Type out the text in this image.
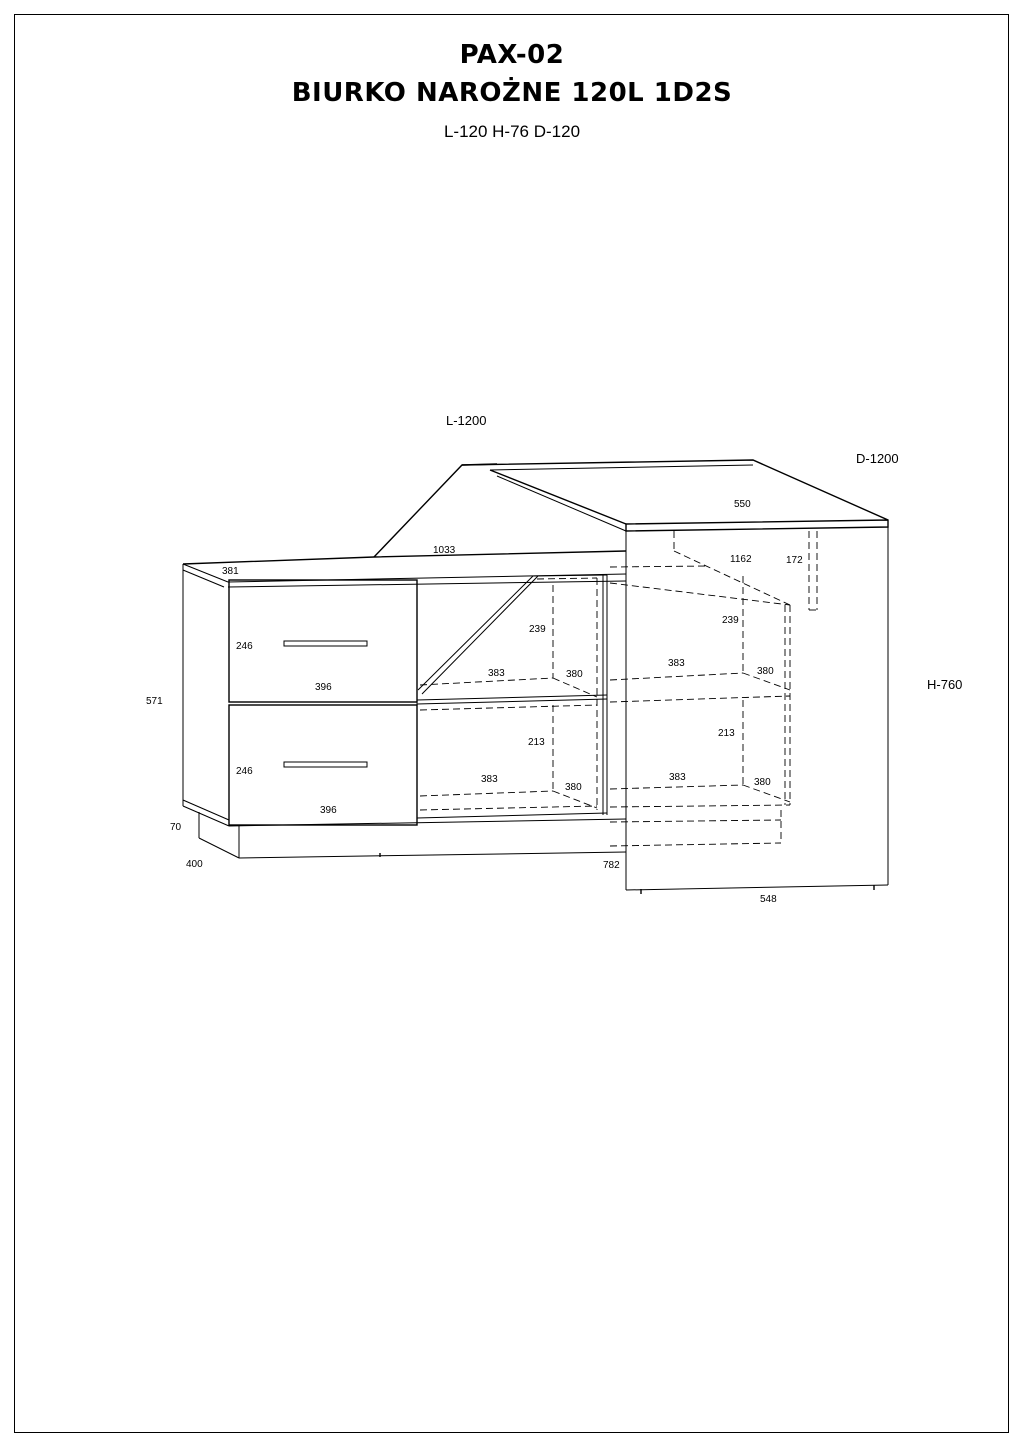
PAX-02
BIURKO NAROŻNE 120L 1D2S
L-120 H-76 D-120
L-1200
D-1200
H-760
381
1033
550
1162	172
246
246
396
396
571
70
400
239
239
383	380
383
380
213
213
383
380
383	380
782
548
